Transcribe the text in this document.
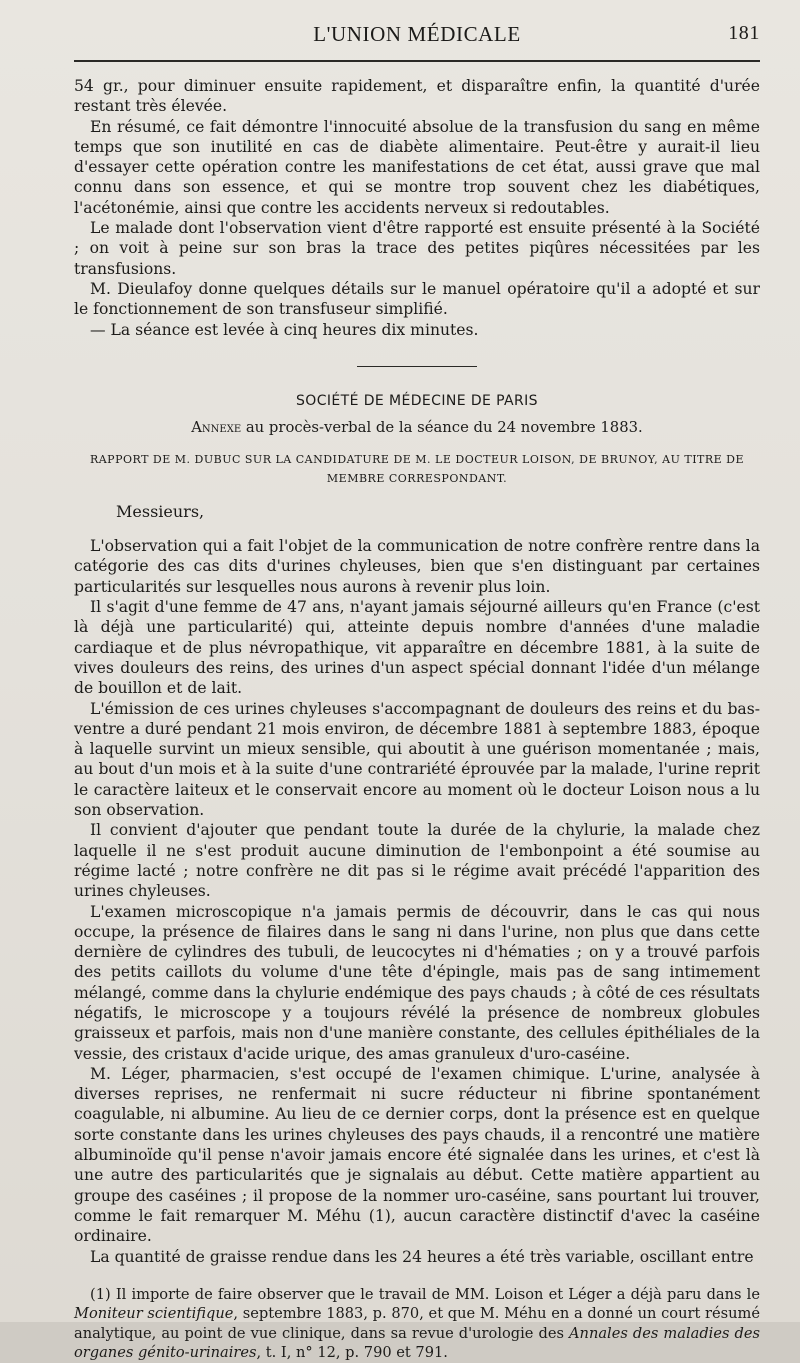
L'UNION MÉDICALE	181

54 gr., pour diminuer ensuite rapidement, et disparaître enfin, la quantité d'urée restant très élevée.

En résumé, ce fait démontre l'innocuité absolue de la transfusion du sang en même temps que son inutilité en cas de diabète alimentaire. Peut-être y aurait-il lieu d'essayer cette opération contre les manifestations de cet état, aussi grave que mal connu dans son essence, et qui se montre trop souvent chez les diabétiques, l'acétonémie, ainsi que contre les accidents nerveux si redoutables.

Le malade dont l'observation vient d'être rapporté est ensuite présenté à la Société ; on voit à peine sur son bras la trace des petites piqûres nécessitées par les transfusions.

M. Dieulafoy donne quelques détails sur le manuel opératoire qu'il a adopté et sur le fonctionnement de son transfuseur simplifié.

— La séance est levée à cinq heures dix minutes.

SOCIÉTÉ DE MÉDECINE DE PARIS
Annexe au procès-verbal de la séance du 24 novembre 1883.
RAPPORT DE M. DUBUC SUR LA CANDIDATURE DE M. LE DOCTEUR LOISON, DE BRUNOY, AU TITRE DE MEMBRE CORRESPONDANT.

Messieurs,

L'observation qui a fait l'objet de la communication de notre confrère rentre dans la catégorie des cas dits d'urines chyleuses, bien que s'en distinguant par certaines particularités sur lesquelles nous aurons à revenir plus loin.

Il s'agit d'une femme de 47 ans, n'ayant jamais séjourné ailleurs qu'en France (c'est là déjà une particularité) qui, atteinte depuis nombre d'années d'une maladie cardiaque et de plus névropathique, vit apparaître en décembre 1881, à la suite de vives douleurs des reins, des urines d'un aspect spécial donnant l'idée d'un mélange de bouillon et de lait.

L'émission de ces urines chyleuses s'accompagnant de douleurs des reins et du bas-ventre a duré pendant 21 mois environ, de décembre 1881 à septembre 1883, époque à laquelle survint un mieux sensible, qui aboutit à une guérison momentanée ; mais, au bout d'un mois et à la suite d'une contrariété éprouvée par la malade, l'urine reprit le caractère laiteux et le conservait encore au moment où le docteur Loison nous a lu son observation.

Il convient d'ajouter que pendant toute la durée de la chylurie, la malade chez laquelle il ne s'est produit aucune diminution de l'embonpoint a été soumise au régime lacté ; notre confrère ne dit pas si le régime avait précédé l'apparition des urines chyleuses.

L'examen microscopique n'a jamais permis de découvrir, dans le cas qui nous occupe, la présence de filaires dans le sang ni dans l'urine, non plus que dans cette dernière de cylindres des tubuli, de leucocytes ni d'hématies ; on y a trouvé parfois des petits caillots du volume d'une tête d'épingle, mais pas de sang intimement mélangé, comme dans la chylurie endémique des pays chauds ; à côté de ces résultats négatifs, le microscope y a toujours révélé la présence de nombreux globules graisseux et parfois, mais non d'une manière constante, des cellules épithéliales de la vessie, des cristaux d'acide urique, des amas granuleux d'uro-caséine.

M. Léger, pharmacien, s'est occupé de l'examen chimique. L'urine, analysée à diverses reprises, ne renfermait ni sucre réducteur ni fibrine spontanément coagulable, ni albumine. Au lieu de ce dernier corps, dont la présence est en quelque sorte constante dans les urines chyleuses des pays chauds, il a rencontré une matière albuminoïde qu'il pense n'avoir jamais encore été signalée dans les urines, et c'est là une autre des particularités que je signalais au début. Cette matière appartient au groupe des caséines ; il propose de la nommer uro-caséine, sans pourtant lui trouver, comme le fait remarquer M. Méhu (1), aucun caractère distinctif d'avec la caséine ordinaire.

La quantité de graisse rendue dans les 24 heures a été très variable, oscillant entre

(1) Il importe de faire observer que le travail de MM. Loison et Léger a déjà paru dans le Moniteur scientifique, septembre 1883, p. 870, et que M. Méhu en a donné un court résumé analytique, au point de vue clinique, dans sa revue d'urologie des Annales des maladies des organes génito-urinaires, t. I, n° 12, p. 790 et 791.
